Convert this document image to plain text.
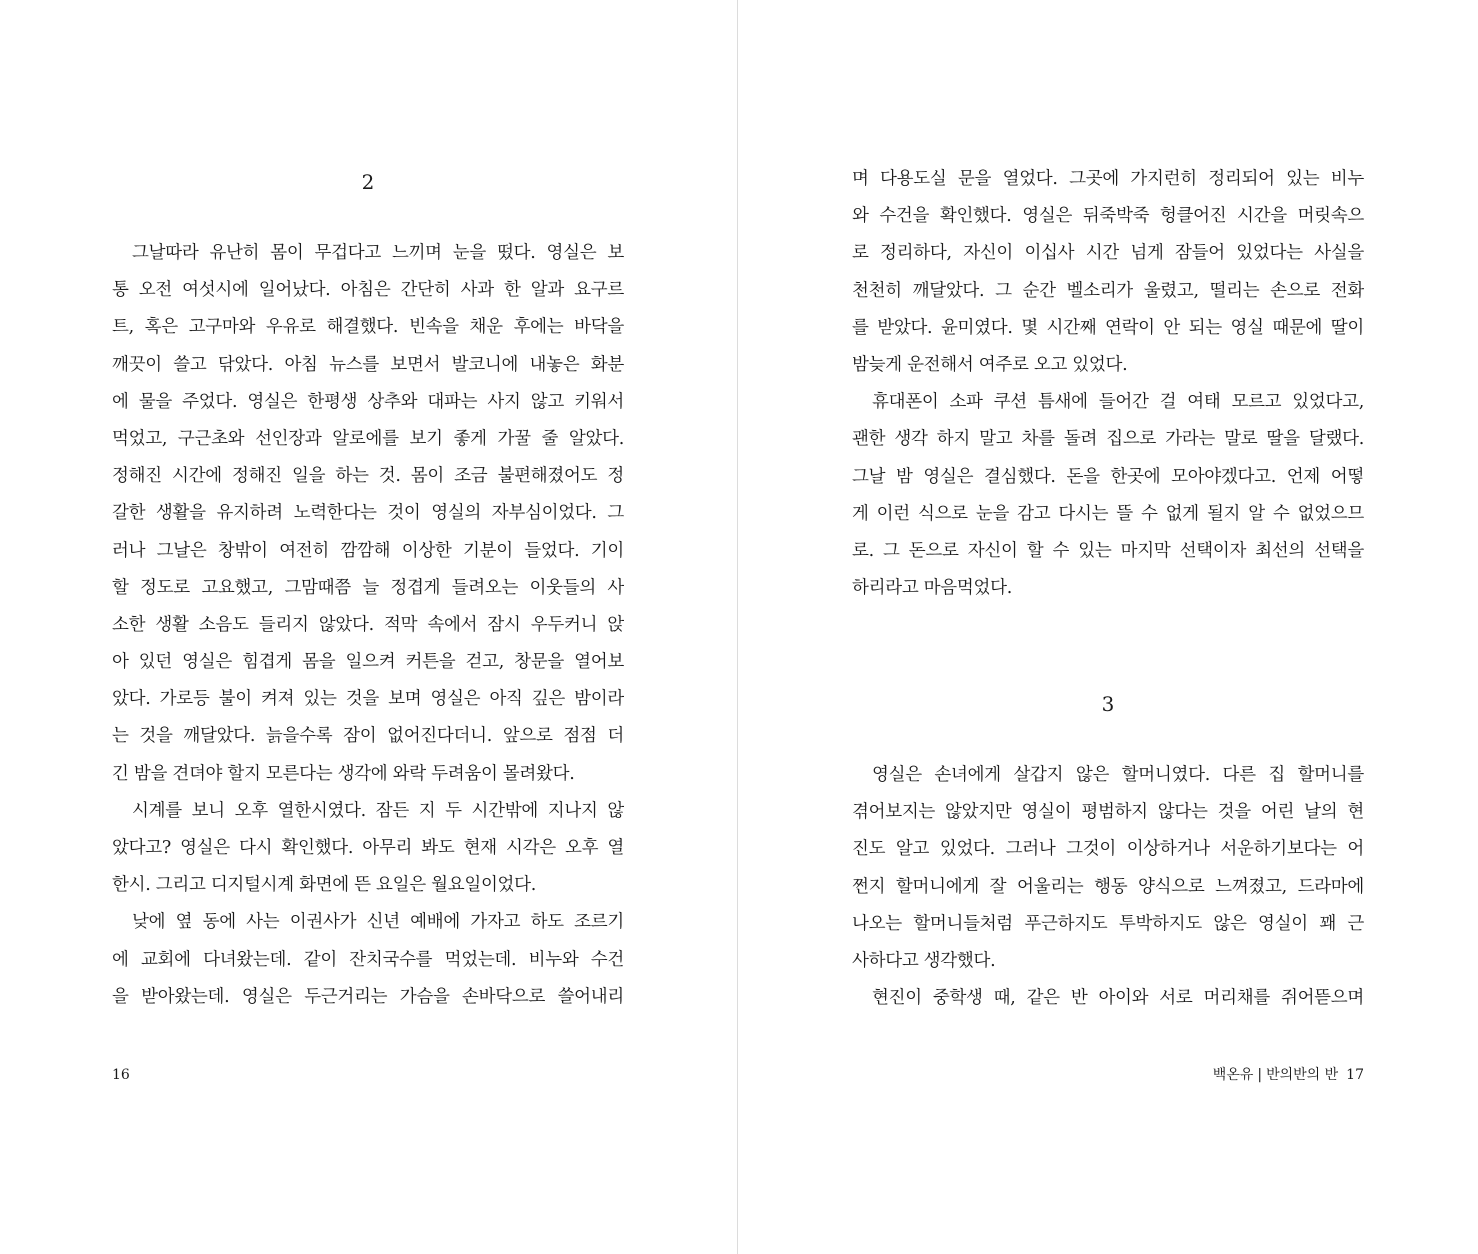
2
그날따라 유난히 몸이 무겁다고 느끼며 눈을 떴다. 영실은 보
통 오전 여섯시에 일어났다. 아침은 간단히 사과 한 알과 요구르
트, 혹은 고구마와 우유로 해결했다. 빈속을 채운 후에는 바닥을
깨끗이 쓸고 닦았다. 아침 뉴스를 보면서 발코니에 내놓은 화분
에 물을 주었다. 영실은 한평생 상추와 대파는 사지 않고 키워서
먹었고, 구근초와 선인장과 알로에를 보기 좋게 가꿀 줄 알았다.
정해진 시간에 정해진 일을 하는 것. 몸이 조금 불편해졌어도 정
갈한 생활을 유지하려 노력한다는 것이 영실의 자부심이었다. 그
러나 그날은 창밖이 여전히 깜깜해 이상한 기분이 들었다. 기이
할 정도로 고요했고, 그맘때쯤 늘 정겹게 들려오는 이웃들의 사
소한 생활 소음도 들리지 않았다. 적막 속에서 잠시 우두커니 앉
아 있던 영실은 힘겹게 몸을 일으켜 커튼을 걷고, 창문을 열어보
았다. 가로등 불이 켜져 있는 것을 보며 영실은 아직 깊은 밤이라
는 것을 깨달았다. 늙을수록 잠이 없어진다더니. 앞으로 점점 더
긴 밤을 견뎌야 할지 모른다는 생각에 와락 두려움이 몰려왔다.
시계를 보니 오후 열한시였다. 잠든 지 두 시간밖에 지나지 않
았다고? 영실은 다시 확인했다. 아무리 봐도 현재 시각은 오후 열
한시. 그리고 디지털시계 화면에 뜬 요일은 월요일이었다.
낮에 옆 동에 사는 이권사가 신년 예배에 가자고 하도 조르기
에 교회에 다녀왔는데. 같이 잔치국수를 먹었는데. 비누와 수건
을 받아왔는데. 영실은 두근거리는 가슴을 손바닥으로 쓸어내리
16
며 다용도실 문을 열었다. 그곳에 가지런히 정리되어 있는 비누
와 수건을 확인했다. 영실은 뒤죽박죽 헝클어진 시간을 머릿속으
로 정리하다, 자신이 이십사 시간 넘게 잠들어 있었다는 사실을
천천히 깨달았다. 그 순간 벨소리가 울렸고, 떨리는 손으로 전화
를 받았다. 윤미였다. 몇 시간째 연락이 안 되는 영실 때문에 딸이
밤늦게 운전해서 여주로 오고 있었다.
휴대폰이 소파 쿠션 틈새에 들어간 걸 여태 모르고 있었다고,
괜한 생각 하지 말고 차를 돌려 집으로 가라는 말로 딸을 달랬다.
그날 밤 영실은 결심했다. 돈을 한곳에 모아야겠다고. 언제 어떻
게 이런 식으로 눈을 감고 다시는 뜰 수 없게 될지 알 수 없었으므
로. 그 돈으로 자신이 할 수 있는 마지막 선택이자 최선의 선택을
하리라고 마음먹었다.
3
영실은 손녀에게 살갑지 않은 할머니였다. 다른 집 할머니를
겪어보지는 않았지만 영실이 평범하지 않다는 것을 어린 날의 현
진도 알고 있었다. 그러나 그것이 이상하거나 서운하기보다는 어
쩐지 할머니에게 잘 어울리는 행동 양식으로 느껴졌고, 드라마에
나오는 할머니들처럼 푸근하지도 투박하지도 않은 영실이 꽤 근
사하다고 생각했다.
현진이 중학생 때, 같은 반 아이와 서로 머리채를 쥐어뜯으며
백온유 | 반의반의 반 17
